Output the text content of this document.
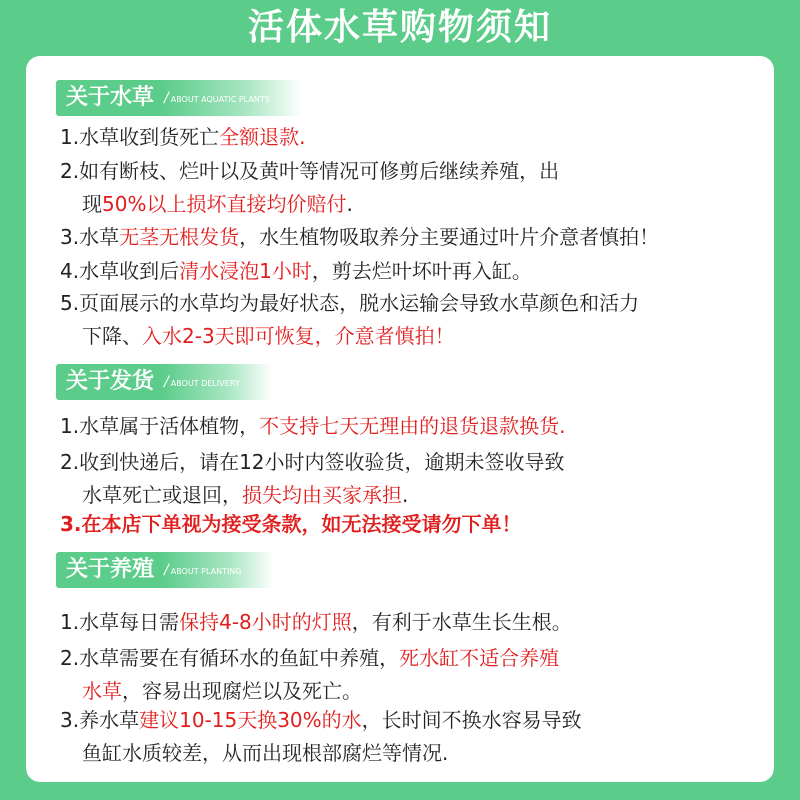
活体水草购物须知
关于水草 / ABOUT AQUATIC PLANTS
1.水草收到货死亡全额退款.
2.如有断枝、烂叶以及黄叶等情况可修剪后继续养殖，出
现50%以上损坏直接均价赔付.
3.水草无茎无根发货，水生植物吸取养分主要通过叶片介意者慎拍！
4.水草收到后清水浸泡1小时，剪去烂叶坏叶再入缸。
5.页面展示的水草均为最好状态，脱水运输会导致水草颜色和活力
下降、入水2-3天即可恢复，介意者慎拍！
关于发货 / ABOUT DELIVERY
1.水草属于活体植物，不支持七天无理由的退货退款换货.
2.收到快递后，请在12小时内签收验货，逾期未签收导致
水草死亡或退回，损失均由买家承担.
3.在本店下单视为接受条款，如无法接受请勿下单！
关于养殖 / ABOUT PLANTING
1.水草每日需保持4-8小时的灯照，有利于水草生长生根。
2.水草需要在有循环水的鱼缸中养殖，死水缸不适合养殖
水草，容易出现腐烂以及死亡。
3.养水草建议10-15天换30%的水，长时间不换水容易导致
鱼缸水质较差，从而出现根部腐烂等情况.
